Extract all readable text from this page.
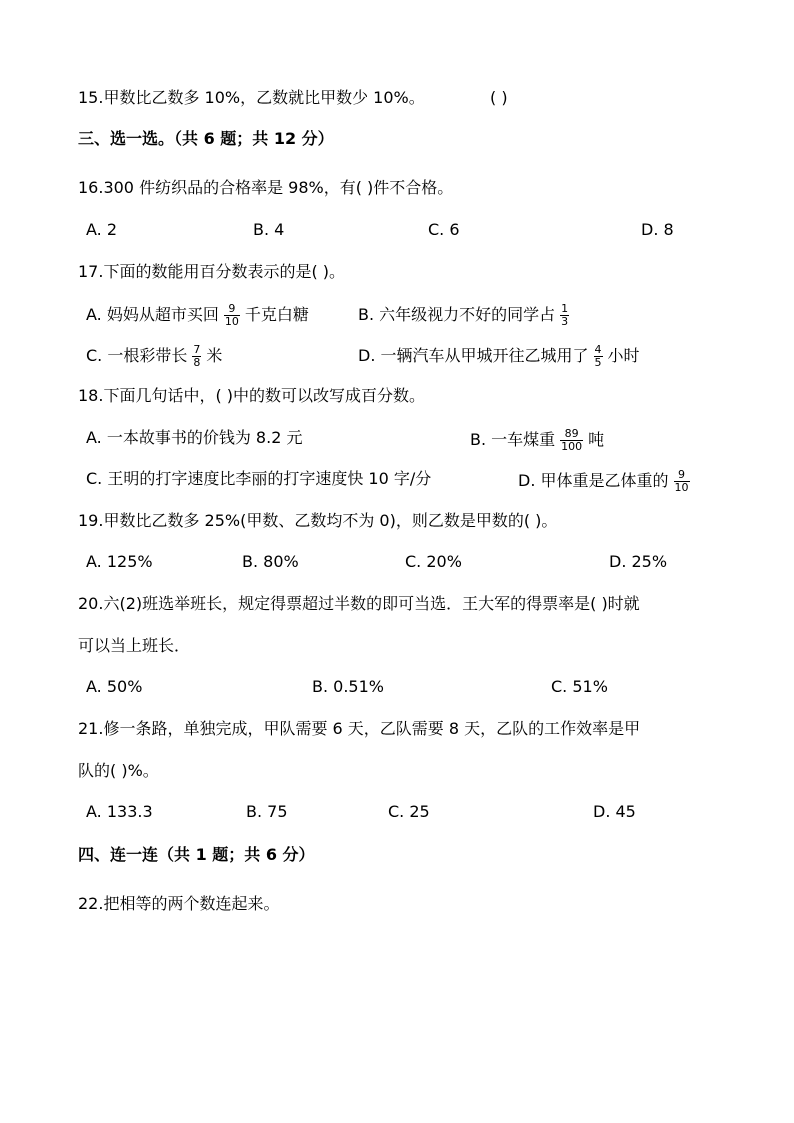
15.甲数比乙数多 10%，乙数就比甲数少 10%。	( )
三、选一选。（共 6 题；共 12 分）
16.300 件纺织品的合格率是 98%，有( )件不合格。
A. 2	B. 4	C. 6	D. 8
17.下面的数能用百分数表示的是( )。
A. 妈妈从超市买回 $\frac{9}{10}$ 千克白糖	B. 六年级视力不好的同学占 $\frac{1}{3}$
C. 一根彩带长 $\frac{7}{8}$ 米	D. 一辆汽车从甲城开往乙城用了 $\frac{4}{5}$ 小时
18.下面几句话中，( )中的数可以改写成百分数。
A. 一本故事书的价钱为 8.2 元	B. 一车煤重 $\frac{89}{100}$ 吨
C. 王明的打字速度比李丽的打字速度快 10 字/分	D. 甲体重是乙体重的 $\frac{9}{10}$
19.甲数比乙数多 25%(甲数、乙数均不为 0)，则乙数是甲数的( )。
A. 125%	B. 80%	C. 20%	D. 25%
20.六(2)班选举班长，规定得票超过半数的即可当选．王大军的得票率是( )时就
可以当上班长．
A. 50%	B. 0.51%	C. 51%
21.修一条路，单独完成，甲队需要 6 天，乙队需要 8 天，乙队的工作效率是甲
队的( )%。
A. 133.3	B. 75	C. 25	D. 45
四、连一连（共 1 题；共 6 分）
22.把相等的两个数连起来。
